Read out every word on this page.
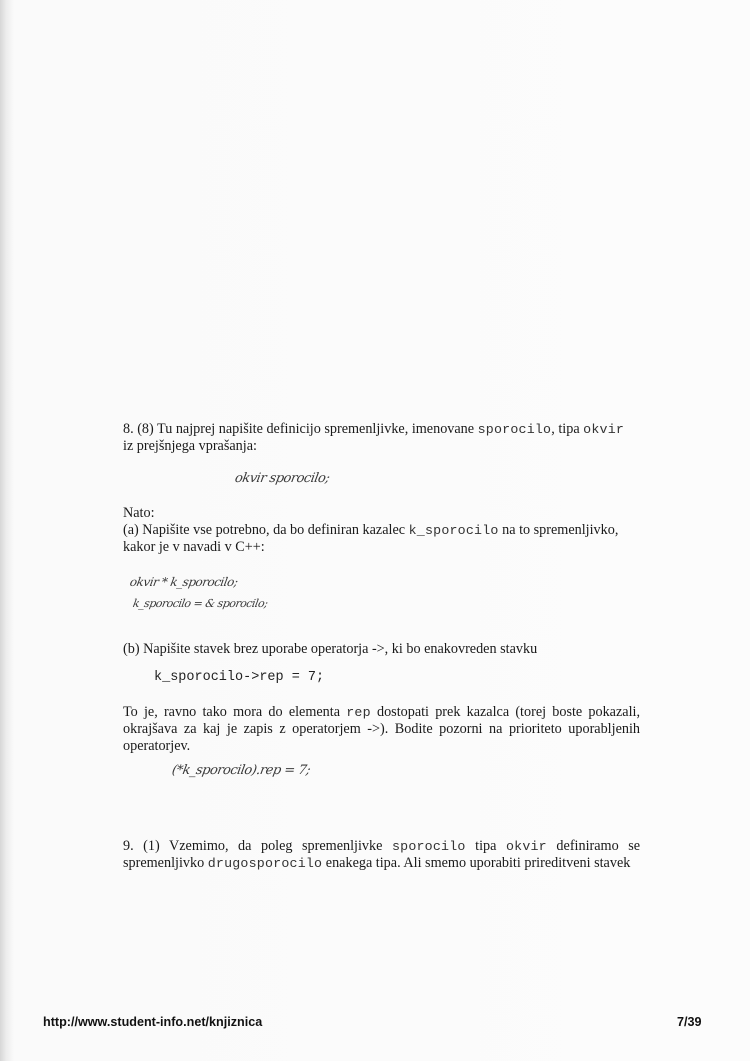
8. (8) Tu najprej napišite definicijo spremenljivke, imenovane sporocilo, tipa okvir
iz prejšnjega vprašanja:
okvir sporocilo;
Nato:
(a) Napišite vse potrebno, da bo definiran kazalec k_sporocilo na to spremenljivko,
kakor je v navadi v C++:
okvir * k_sporocilo;
k_sporocilo = & sporocilo;
(b) Napišite stavek brez uporabe operatorja ->, ki bo enakovreden stavku
k_sporocilo->rep = 7;
To je, ravno tako mora do elementa rep dostopati prek kazalca (torej boste pokazali, okrajšava za kaj je zapis z operatorjem ->). Bodite pozorni na prioriteto uporabljenih operatorjev.
(*k_sporocilo).rep = 7;
9. (1) Vzemimo, da poleg spremenljivke sporocilo tipa okvir definiramo se spremenljivko drugosporocilo enakega tipa. Ali smemo uporabiti prireditveni stavek
http://www.student-info.net/knjiznica	7/39
